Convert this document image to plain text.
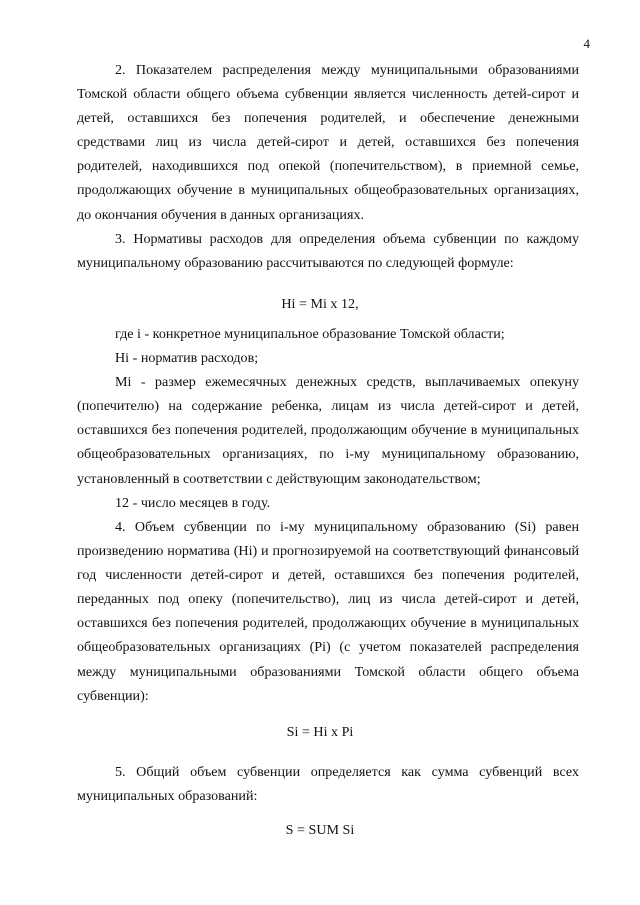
4

2. Показателем распределения между муниципальными образованиями Томской области общего объема субвенции является численность детей-сирот и детей, оставшихся без попечения родителей, и обеспечение денежными средствами лиц из числа детей-сирот и детей, оставшихся без попечения родителей, находившихся под опекой (попечительством), в приемной семье, продолжающих обучение в муниципальных общеобразовательных организациях, до окончания обучения в данных организациях.

3. Нормативы расходов для определения объема субвенции по каждому муниципальному образованию рассчитываются по следующей формуле:

Hi = Mi x 12,

где i - конкретное муниципальное образование Томской области;

Hi - норматив расходов;

Mi - размер ежемесячных денежных средств, выплачиваемых опекуну (попечителю) на содержание ребенка, лицам из числа детей-сирот и детей, оставшихся без попечения родителей, продолжающим обучение в муниципальных общеобразовательных организациях, по i-му муниципальному образованию, установленный в соответствии с действующим законодательством;

12 - число месяцев в году.

4. Объем субвенции по i-му муниципальному образованию (Si) равен произведению норматива (Hi) и прогнозируемой на соответствующий финансовый год численности детей-сирот и детей, оставшихся без попечения родителей, переданных под опеку (попечительство), лиц из числа детей-сирот и детей, оставшихся без попечения родителей, продолжающих обучение в муниципальных общеобразовательных организациях (Pi) (с учетом показателей распределения между муниципальными образованиями Томской области общего объема субвенции):

Si = Hi x Pi

5. Общий объем субвенции определяется как сумма субвенций всех муниципальных образований:

S = SUM Si
